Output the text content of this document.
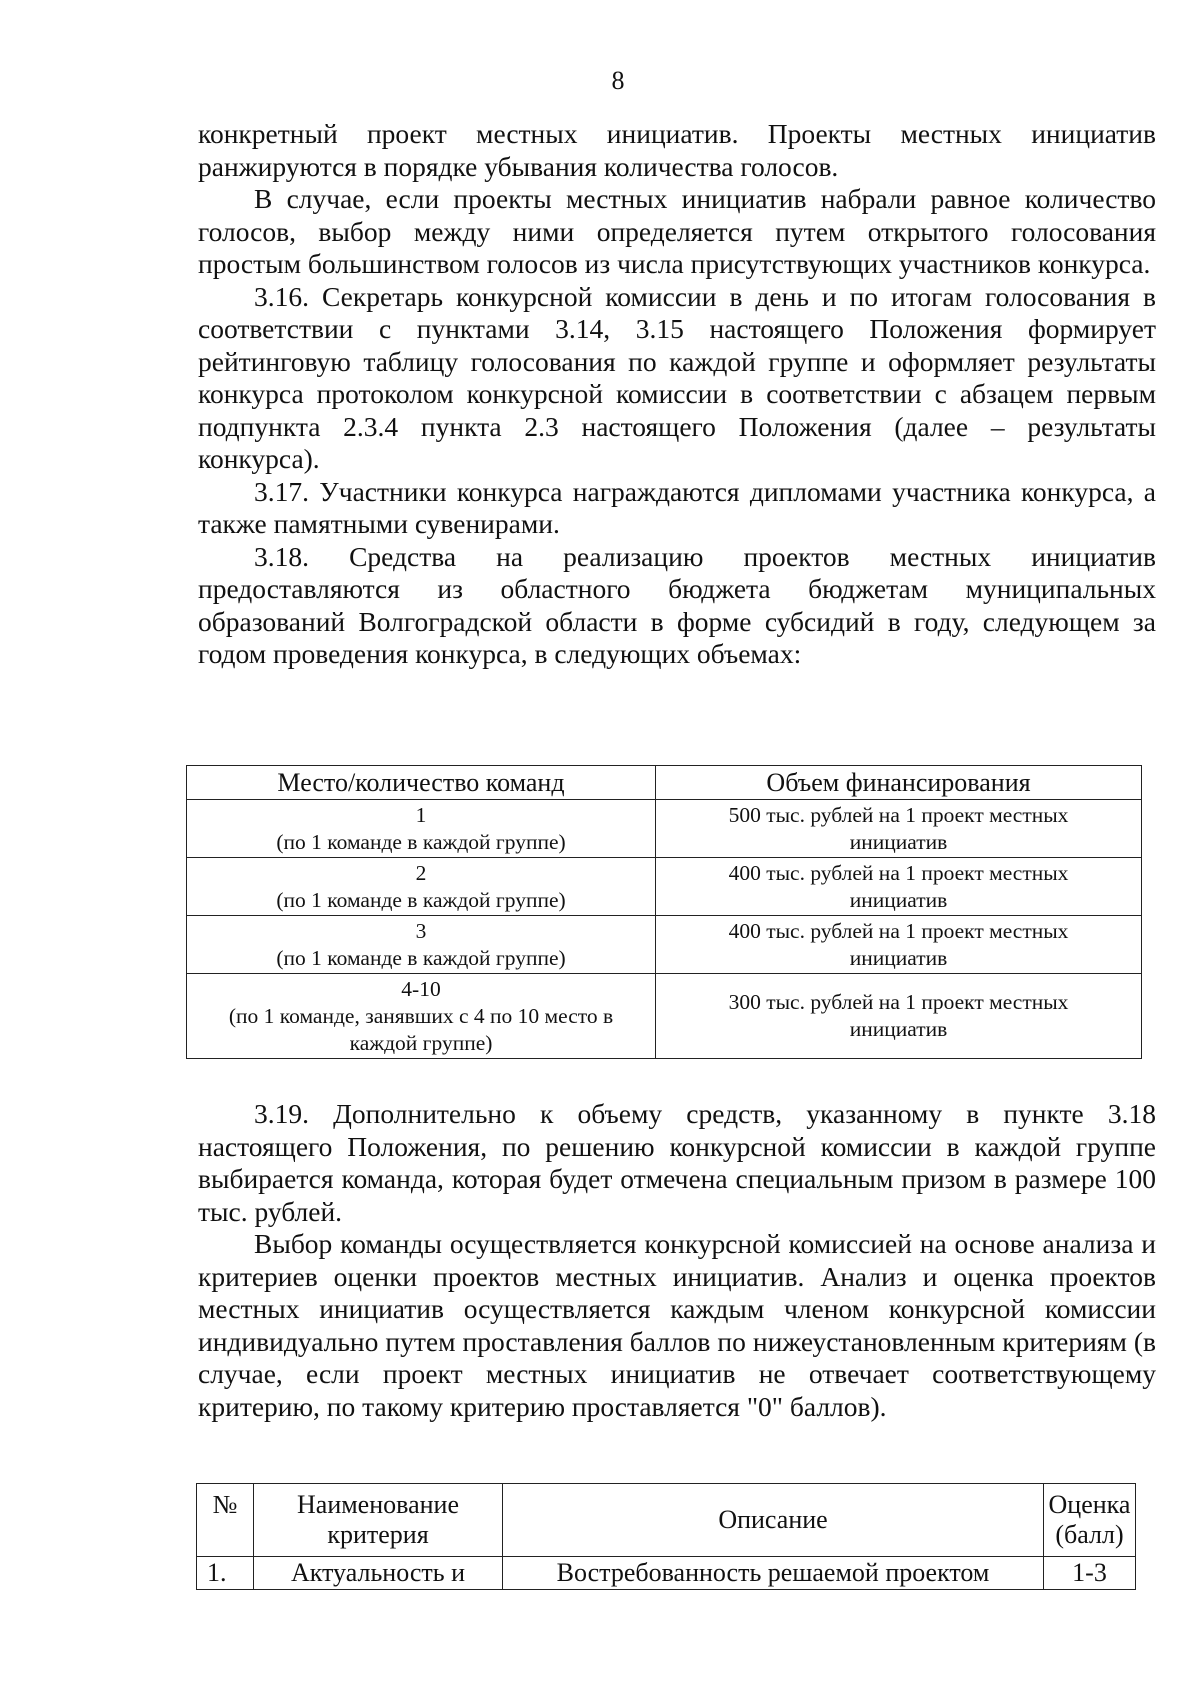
8

конкретный проект местных инициатив. Проекты местных инициатив ранжируются в порядке убывания количества голосов.

В случае, если проекты местных инициатив набрали равное количество голосов, выбор между ними определяется путем открытого голосования простым большинством голосов из числа присутствующих участников конкурса.

3.16. Секретарь конкурсной комиссии в день и по итогам голосования в соответствии с пунктами 3.14, 3.15 настоящего Положения формирует рейтинговую таблицу голосования по каждой группе и оформляет результаты конкурса протоколом конкурсной комиссии в соответствии с абзацем первым подпункта 2.3.4 пункта 2.3 настоящего Положения (далее – результаты конкурса).

3.17. Участники конкурса награждаются дипломами участника конкурса, а также памятными сувенирами.

3.18. Средства на реализацию проектов местных инициатив предоставляются из областного бюджета бюджетам муниципальных образований Волгоградской области в форме субсидий в году, следующем за годом проведения конкурса, в следующих объемах:

Место/количество команд	Объем финансирования

1
(по 1 команде в каждой группе)	500 тыс. рублей на 1 проект местных инициатив

2
(по 1 команде в каждой группе)	400 тыс. рублей на 1 проект местных инициатив

3
(по 1 команде в каждой группе)	400 тыс. рублей на 1 проект местных инициатив

4-10
(по 1 команде, занявших с 4 по 10 место в каждой группе)	300 тыс. рублей на 1 проект местных инициатив

3.19. Дополнительно к объему средств, указанному в пункте 3.18 настоящего Положения, по решению конкурсной комиссии в каждой группе выбирается команда, которая будет отмечена специальным призом в размере 100 тыс. рублей.

Выбор команды осуществляется конкурсной комиссией на основе анализа и критериев оценки проектов местных инициатив. Анализ и оценка проектов местных инициатив осуществляется каждым членом конкурсной комиссии индивидуально путем проставления баллов по нижеустановленным критериям (в случае, если проект местных инициатив не отвечает соответствующему критерию, по такому критерию проставляется "0" баллов).

№	Наименование критерия	Описание	Оценка (балл)
1.	Актуальность и	Востребованность решаемой проектом	1-3
